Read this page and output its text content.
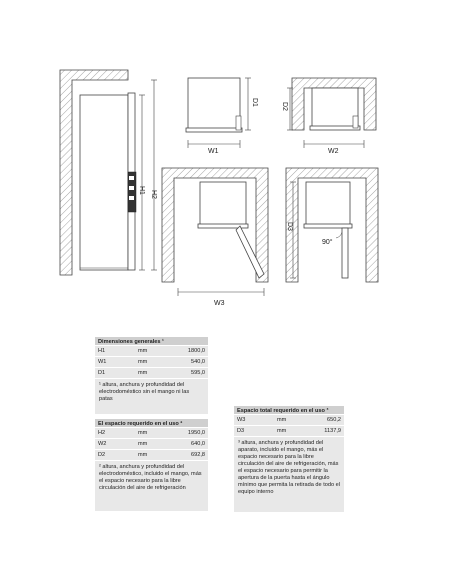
H1 H2
D1
W1
D2
W2
W3
D3
90°
Dimensiones generales ¹
H1	mm	1800,0
W1	mm	540,0
D1	mm	595,0
¹ altura, anchura y profundidad del electrodoméstico sin el mango ni las patas
El espacio requerido en el uso ²
H2	mm	1950,0
W2	mm	640,0
D2	mm	692,8
² altura, anchura y profundidad del electrodoméstico, incluido el mango, más el espacio necesario para la libre circulación del aire de refrigeración
Espacio total requerido en el uso ³
W3	mm	650,2
D3	mm	1137,9
³ altura, anchura y profundidad del aparato, incluido el mango, más el espacio necesario para la libre circulación del aire de refrigeración, más el espacio necesario para permitir la apertura de la puerta hasta el ángulo mínimo que permita la retirada de todo el equipo interno
